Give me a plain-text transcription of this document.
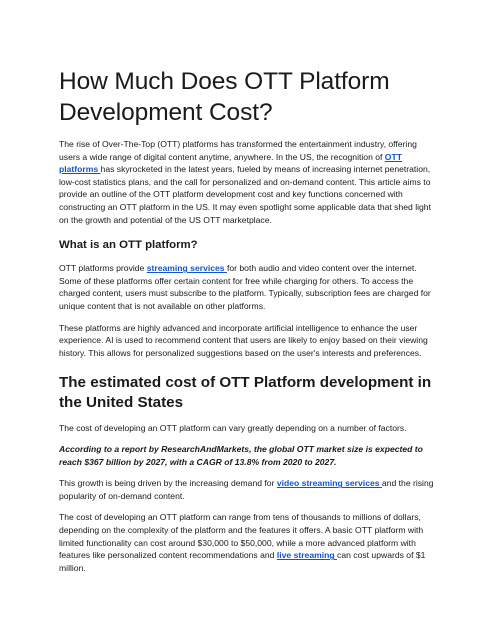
How Much Does OTT Platform
Development Cost?

The rise of Over-The-Top (OTT) platforms has transformed the entertainment industry, offering users a wide range of digital content anytime, anywhere. In the US, the recognition of OTT platforms has skyrocketed in the latest years, fueled by means of increasing internet penetration, low-cost statistics plans, and the call for personalized and on-demand content. This article aims to provide an outline of the OTT platform development cost and key functions concerned with constructing an OTT platform in the US. It may even spotlight some applicable data that shed light on the growth and potential of the US OTT marketplace.

What is an OTT platform?

OTT platforms provide streaming services for both audio and video content over the internet. Some of these platforms offer certain content for free while charging for others. To access the charged content, users must subscribe to the platform. Typically, subscription fees are charged for unique content that is not available on other platforms.

These platforms are highly advanced and incorporate artificial intelligence to enhance the user experience. AI is used to recommend content that users are likely to enjoy based on their viewing history. This allows for personalized suggestions based on the user's interests and preferences.

The estimated cost of OTT Platform development in the United States

The cost of developing an OTT platform can vary greatly depending on a number of factors.

According to a report by ResearchAndMarkets, the global OTT market size is expected to reach $367 billion by 2027, with a CAGR of 13.8% from 2020 to 2027.

This growth is being driven by the increasing demand for video streaming services and the rising popularity of on-demand content.

The cost of developing an OTT platform can range from tens of thousands to millions of dollars, depending on the complexity of the platform and the features it offers. A basic OTT platform with limited functionality can cost around $30,000 to $50,000, while a more advanced platform with features like personalized content recommendations and live streaming can cost upwards of $1 million.
